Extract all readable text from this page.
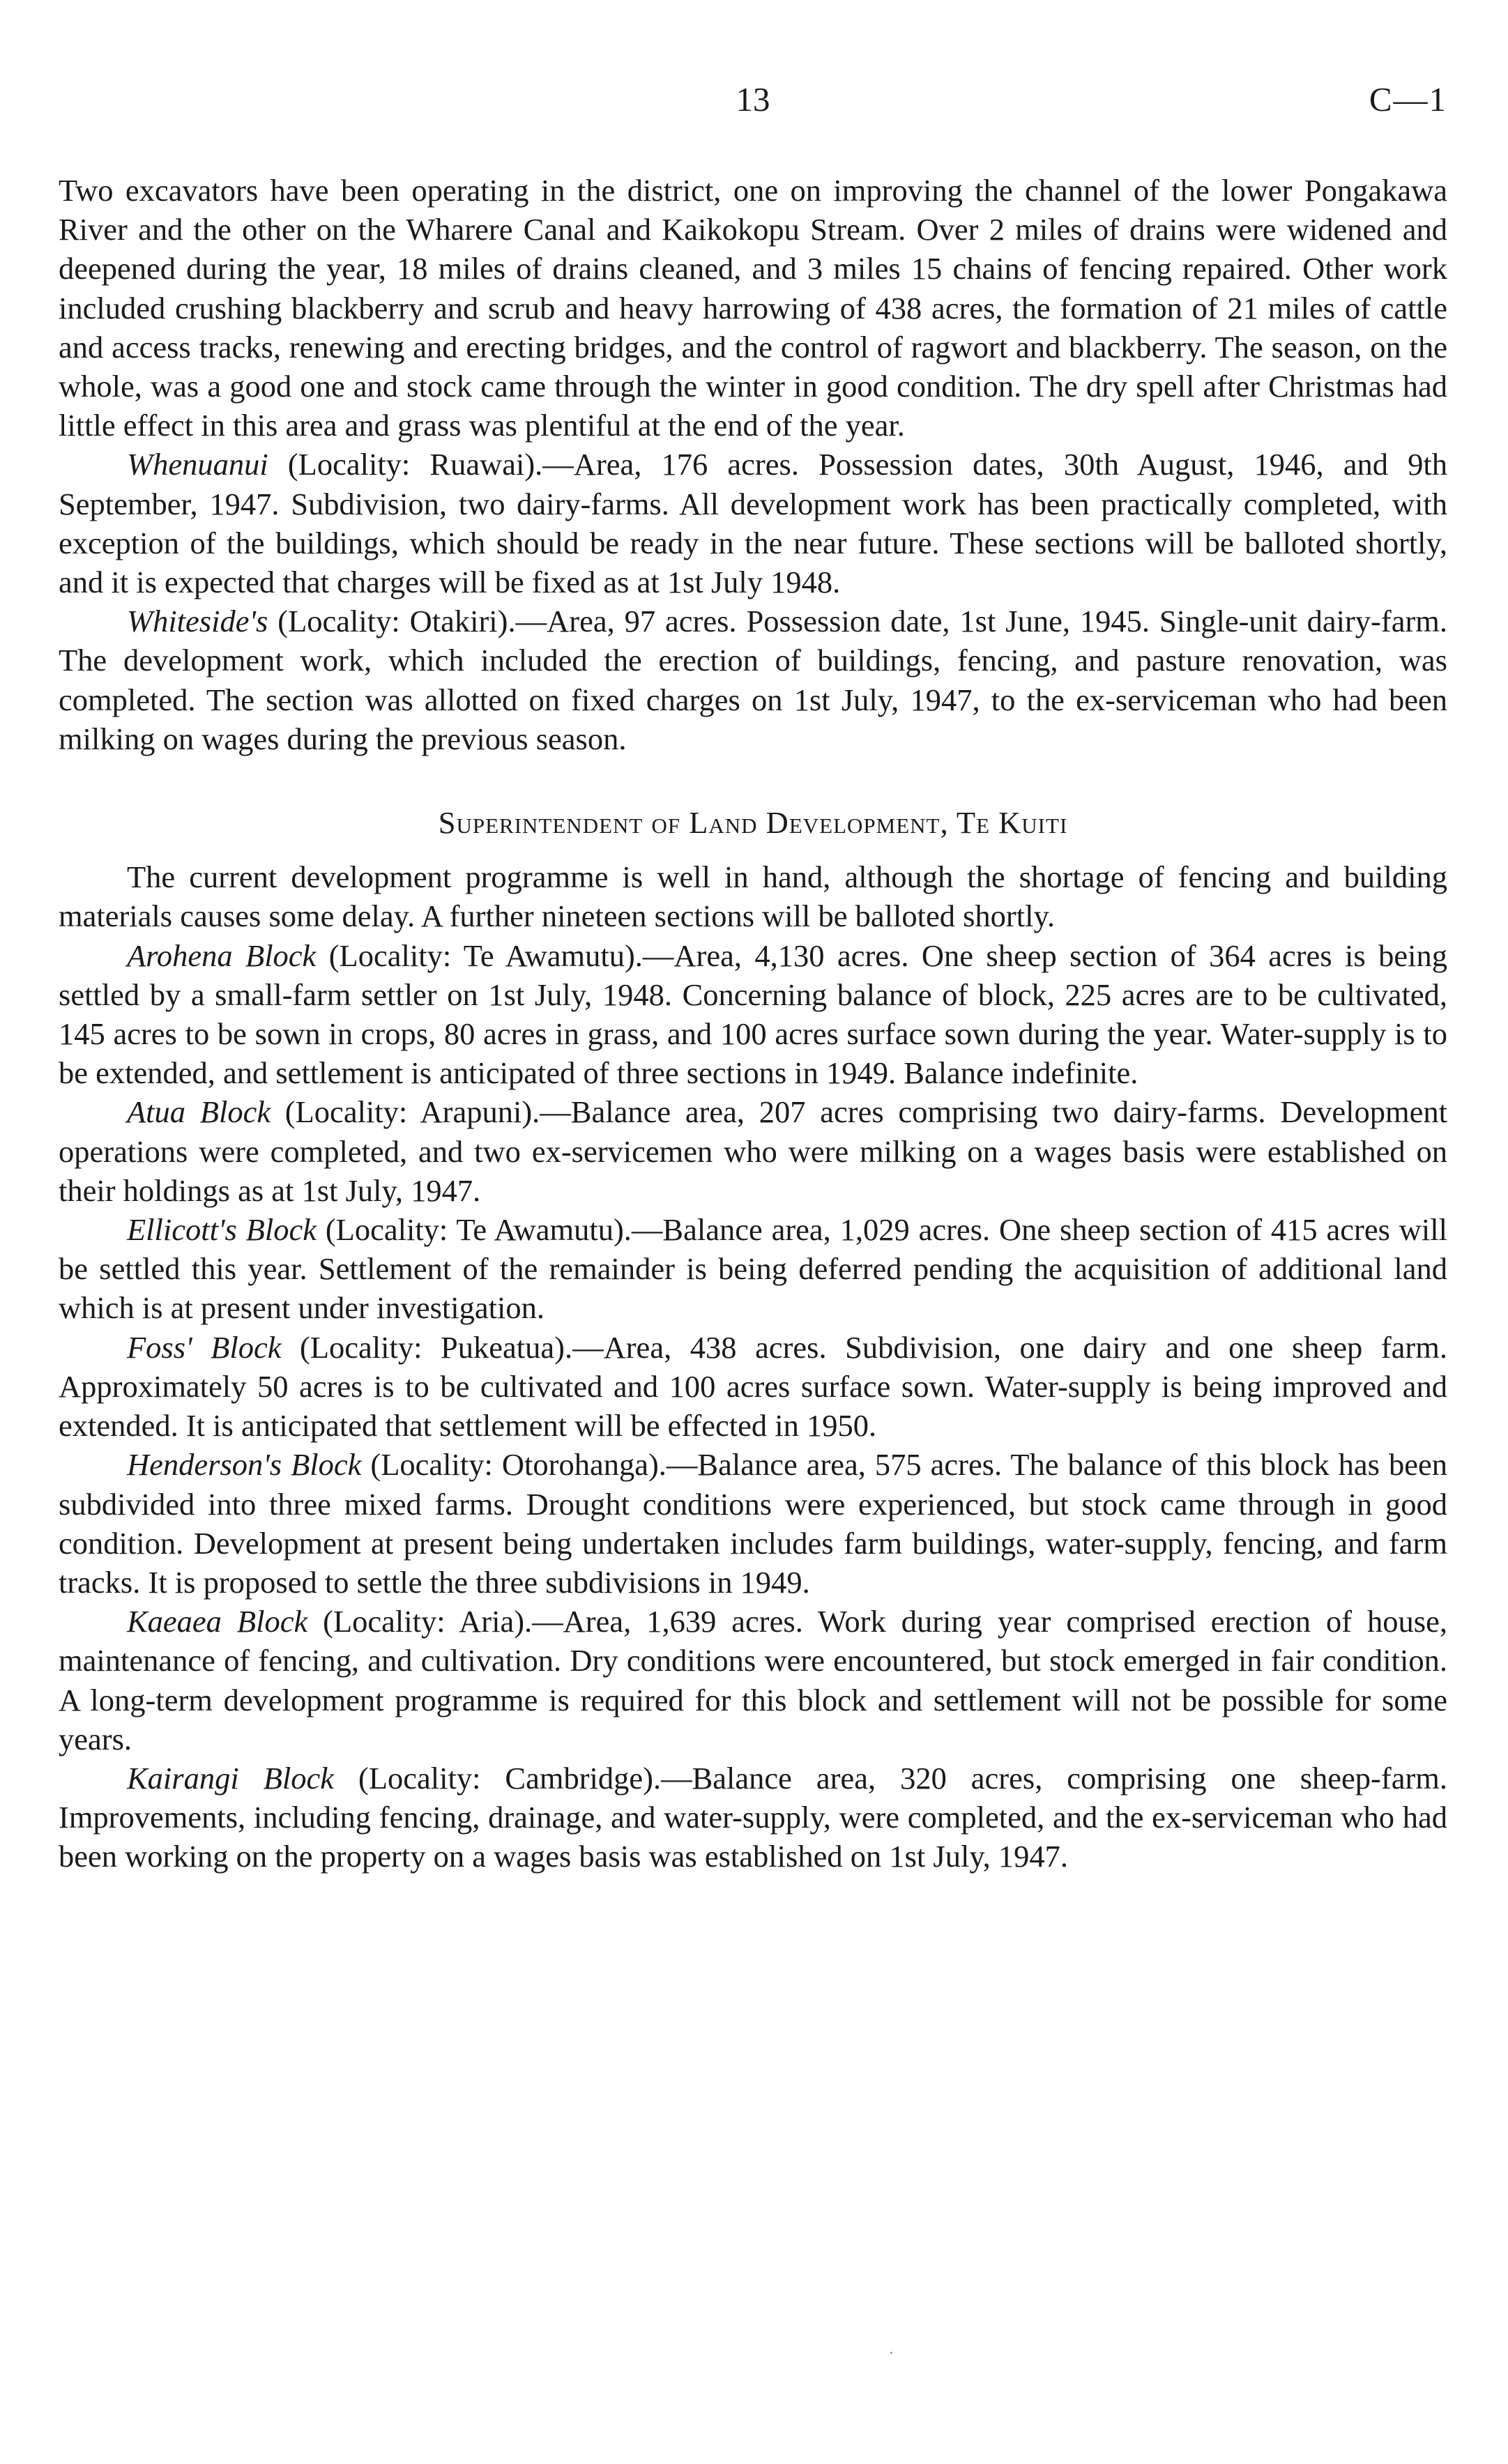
13	C—1

Two excavators have been operating in the district, one on improving the channel of the lower Pongakawa River and the other on the Wharere Canal and Kaikokopu Stream. Over 2 miles of drains were widened and deepened during the year, 18 miles of drains cleaned, and 3 miles 15 chains of fencing repaired. Other work included crushing blackberry and scrub and heavy harrowing of 438 acres, the formation of 21 miles of cattle and access tracks, renewing and erecting bridges, and the control of ragwort and blackberry. The season, on the whole, was a good one and stock came through the winter in good condition. The dry spell after Christmas had little effect in this area and grass was plentiful at the end of the year.

Whenuanui (Locality: Ruawai).—Area, 176 acres. Possession dates, 30th August, 1946, and 9th September, 1947. Subdivision, two dairy-farms. All development work has been practically completed, with exception of the buildings, which should be ready in the near future. These sections will be balloted shortly, and it is expected that charges will be fixed as at 1st July 1948.

Whiteside's (Locality: Otakiri).—Area, 97 acres. Possession date, 1st June, 1945. Single-unit dairy-farm. The development work, which included the erection of buildings, fencing, and pasture renovation, was completed. The section was allotted on fixed charges on 1st July, 1947, to the ex-serviceman who had been milking on wages during the previous season.

Superintendent of Land Development, Te Kuiti

The current development programme is well in hand, although the shortage of fencing and building materials causes some delay. A further nineteen sections will be balloted shortly.

Arohena Block (Locality: Te Awamutu).—Area, 4,130 acres. One sheep section of 364 acres is being settled by a small-farm settler on 1st July, 1948. Concerning balance of block, 225 acres are to be cultivated, 145 acres to be sown in crops, 80 acres in grass, and 100 acres surface sown during the year. Water-supply is to be extended, and settlement is anticipated of three sections in 1949. Balance indefinite.

Atua Block (Locality: Arapuni).—Balance area, 207 acres comprising two dairy-farms. Development operations were completed, and two ex-servicemen who were milking on a wages basis were established on their holdings as at 1st July, 1947.

Ellicott's Block (Locality: Te Awamutu).—Balance area, 1,029 acres. One sheep section of 415 acres will be settled this year. Settlement of the remainder is being deferred pending the acquisition of additional land which is at present under investigation.

Foss' Block (Locality: Pukeatua).—Area, 438 acres. Subdivision, one dairy and one sheep farm. Approximately 50 acres is to be cultivated and 100 acres surface sown. Water-supply is being improved and extended. It is anticipated that settlement will be effected in 1950.

Henderson's Block (Locality: Otorohanga).—Balance area, 575 acres. The balance of this block has been subdivided into three mixed farms. Drought conditions were experienced, but stock came through in good condition. Development at present being undertaken includes farm buildings, water-supply, fencing, and farm tracks. It is proposed to settle the three subdivisions in 1949.

Kaeaea Block (Locality: Aria).—Area, 1,639 acres. Work during year comprised erection of house, maintenance of fencing, and cultivation. Dry conditions were encountered, but stock emerged in fair condition. A long-term development programme is required for this block and settlement will not be possible for some years.

Kairangi Block (Locality: Cambridge).—Balance area, 320 acres, comprising one sheep-farm. Improvements, including fencing, drainage, and water-supply, were completed, and the ex-serviceman who had been working on the property on a wages basis was established on 1st July, 1947.
